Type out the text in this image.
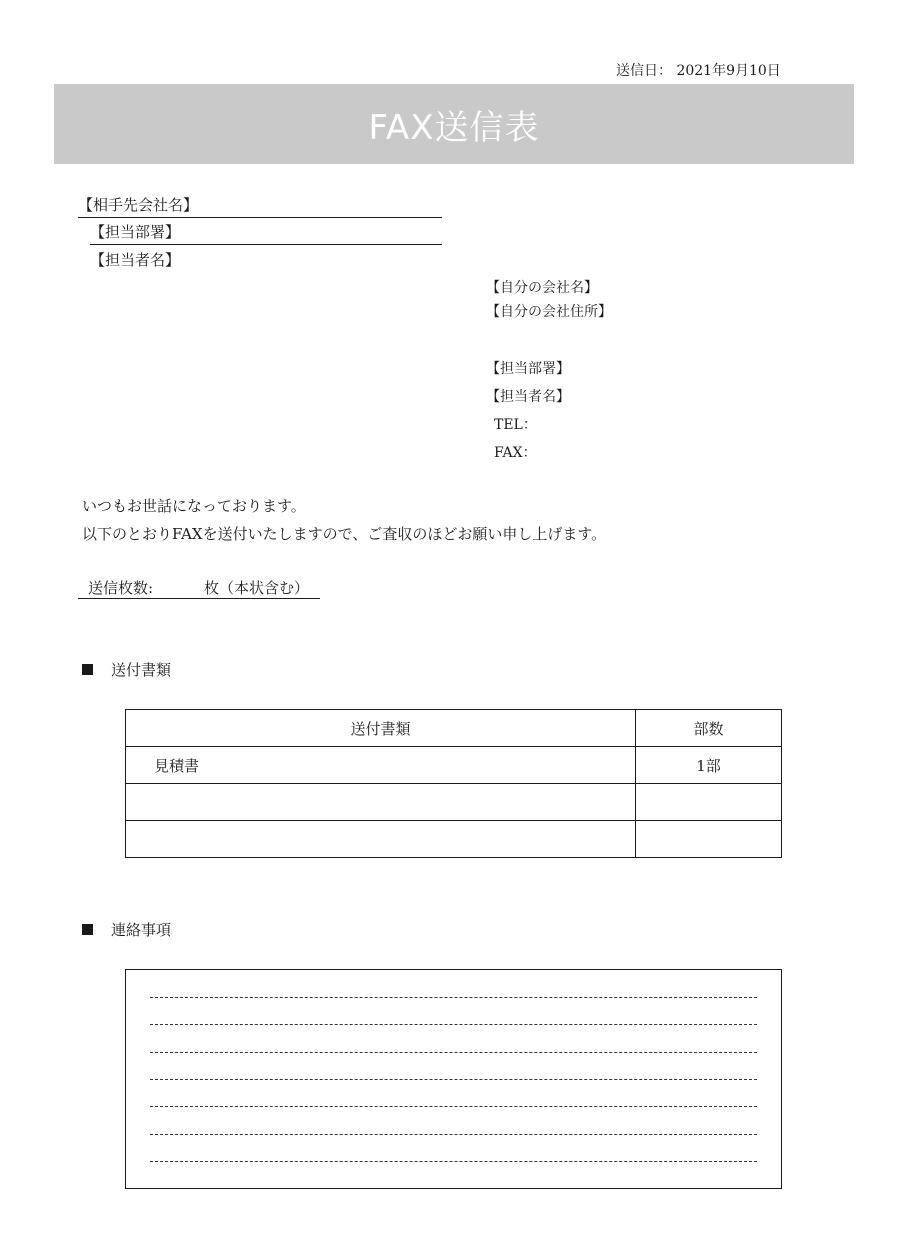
送信日： 2021年9月10日
FAX送信表
【相手先会社名】
【担当部署】
【担当者名】
【自分の会社名】
【自分の会社住所】
【担当部署】
【担当者名】
TEL：
FAX：
いつもお世話になっております。
以下のとおりFAXを送付いたしますので、ご査収のほどお願い申し上げます。
送信枚数:	枚（本状含む）
送付書類
送付書類	部数
見積書	1部

連絡事項
